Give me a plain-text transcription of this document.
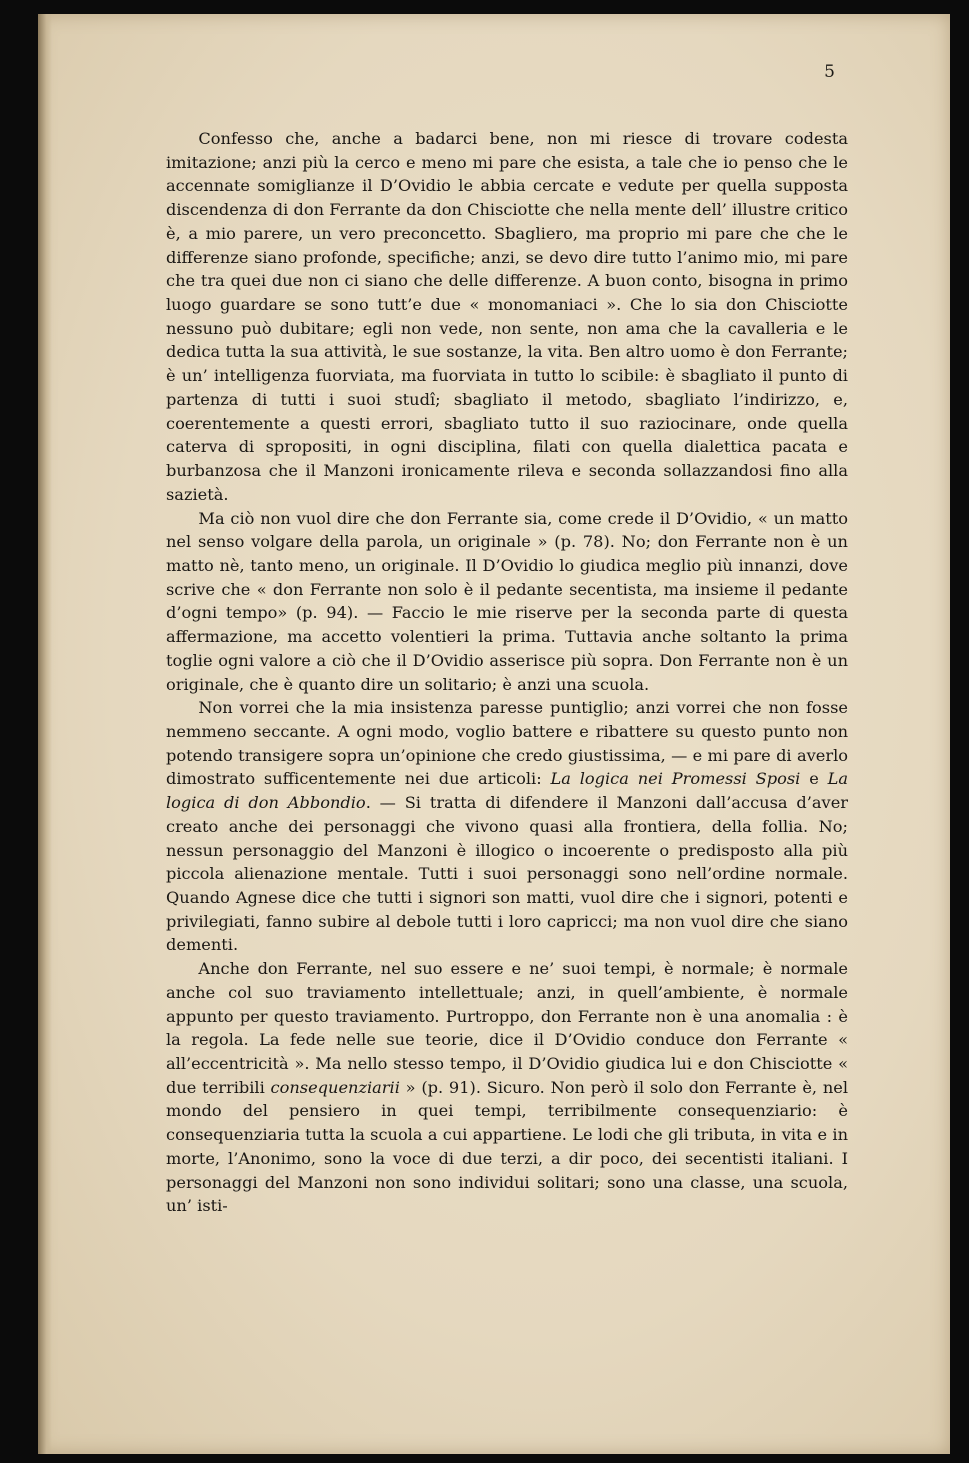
5

Confesso che, anche a badarci bene, non mi riesce di trovare codesta imitazione; anzi più la cerco e meno mi pare che esista, a tale che io penso che le accennate somiglianze il D’Ovidio le abbia cercate e vedute per quella supposta discendenza di don Ferrante da don Chisciotte che nella mente dell’ illustre critico è, a mio parere, un vero preconcetto. Sbagliero, ma proprio mi pare che che le differenze siano profonde, specifiche; anzi, se devo dire tutto l’animo mio, mi pare che tra quei due non ci siano che delle differenze. A buon conto, bisogna in primo luogo guardare se sono tutt’e due « monomaniaci ». Che lo sia don Chisciotte nessuno può dubitare; egli non vede, non sente, non ama che la cavalleria e le dedica tutta la sua attività, le sue sostanze, la vita. Ben altro uomo è don Ferrante; è un’ intelligenza fuorviata, ma fuorviata in tutto lo scibile: è sbagliato il punto di partenza di tutti i suoi studî; sbagliato il metodo, sbagliato l’indirizzo, e, coerentemente a questi errori, sbagliato tutto il suo raziocinare, onde quella caterva di spropositi, in ogni disciplina, filati con quella dialettica pacata e burbanzosa che il Manzoni ironicamente rileva e seconda sollazzandosi fino alla sazietà.

Ma ciò non vuol dire che don Ferrante sia, come crede il D’Ovidio, « un matto nel senso volgare della parola, un originale » (p. 78). No; don Ferrante non è un matto nè, tanto meno, un originale. Il D’Ovidio lo giudica meglio più innanzi, dove scrive che « don Ferrante non solo è il pedante secentista, ma insieme il pedante d’ogni tempo» (p. 94). — Faccio le mie riserve per la seconda parte di questa affermazione, ma accetto volentieri la prima. Tuttavia anche soltanto la prima toglie ogni valore a ciò che il D’Ovidio asserisce più sopra. Don Ferrante non è un originale, che è quanto dire un solitario; è anzi una scuola.

Non vorrei che la mia insistenza paresse puntiglio; anzi vorrei che non fosse nemmeno seccante. A ogni modo, voglio battere e ribattere su questo punto non potendo transigere sopra un’opinione che credo giustissima, — e mi pare di averlo dimostrato sufficentemente nei due articoli: La logica nei Promessi Sposi e La logica di don Abbondio. — Si tratta di difendere il Manzoni dall’accusa d’aver creato anche dei personaggi che vivono quasi alla frontiera, della follia. No; nessun personaggio del Manzoni è illogico o incoerente o predisposto alla più piccola alienazione mentale. Tutti i suoi personaggi sono nell’ordine normale. Quando Agnese dice che tutti i signori son matti, vuol dire che i signori, potenti e privilegiati, fanno subire al debole tutti i loro capricci; ma non vuol dire che siano dementi.

Anche don Ferrante, nel suo essere e ne’ suoi tempi, è normale; è normale anche col suo traviamento intellettuale; anzi, in quell’ambiente, è normale appunto per questo traviamento. Purtroppo, don Ferrante non è una anomalia : è la regola. La fede nelle sue teorie, dice il D’Ovidio conduce don Ferrante « all’eccentricità ». Ma nello stesso tempo, il D’Ovidio giudica lui e don Chisciotte « due terribili consequenziarii » (p. 91). Sicuro. Non però il solo don Ferrante è, nel mondo del pensiero in quei tempi, terribilmente consequenziario: è consequenziaria tutta la scuola a cui appartiene. Le lodi che gli tributa, in vita e in morte, l’Anonimo, sono la voce di due terzi, a dir poco, dei secentisti italiani. I personaggi del Manzoni non sono individui solitari; sono una classe, una scuola, un’ isti-
